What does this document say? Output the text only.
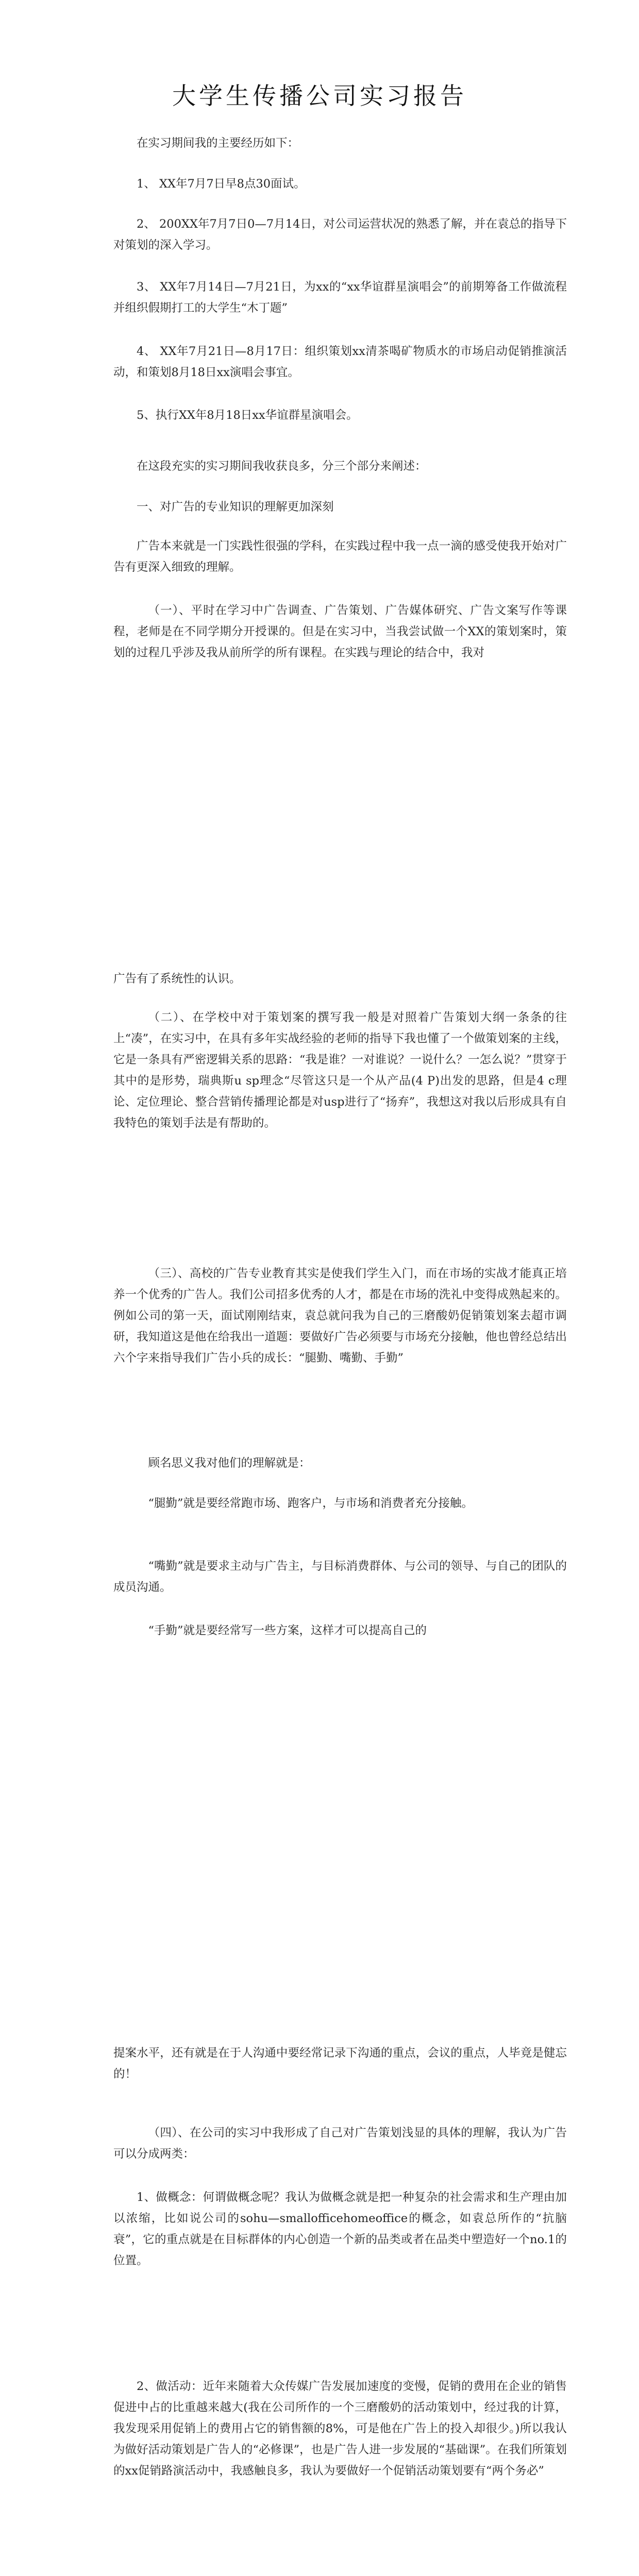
大学生传播公司实习报告

在实习期间我的主要经历如下：

1、 XX年7月7日早8点30面试。

2、 200XX年7月7日0—7月14日，对公司运营状况的熟悉了解，并在袁总的指导下对策划的深入学习。

3、 XX年7月14日—7月21日，为xx的“xx华谊群星演唱会”的前期筹备工作做流程并组织假期打工的大学生“木丁题”

4、 XX年7月21日—8月17日：组织策划xx清茶喝矿物质水的市场启动促销推演活动，和策划8月18日xx演唱会事宜。

5、执行XX年8月18日xx华谊群星演唱会。

在这段充实的实习期间我收获良多，分三个部分来阐述：

一、对广告的专业知识的理解更加深刻

广告本来就是一门实践性很强的学科，在实践过程中我一点一滴的感受使我开始对广告有更深入细致的理解。

（一）、平时在学习中广告调查、广告策划、广告媒体研究、广告文案写作等课程，老师是在不同学期分开授课的。但是在实习中，当我尝试做一个XX的策划案时，策划的过程几乎涉及我从前所学的所有课程。在实践与理论的结合中，我对

广告有了系统性的认识。

（二）、在学校中对于策划案的撰写我一般是对照着广告策划大纲一条条的往上“凑”，在实习中，在具有多年实战经验的老师的指导下我也懂了一个做策划案的主线，它是一条具有严密逻辑关系的思路：“我是谁？一对谁说？一说什么？一怎么说？”贯穿于其中的是形势，瑞典斯u sp理念“尽管这只是一个从产品(4 P)出发的思路，但是4 c理论、定位理论、整合营销传播理论都是对usp进行了“扬弃”，我想这对我以后形成具有自我特色的策划手法是有帮助的。

（三）、高校的广告专业教育其实是使我们学生入门，而在市场的实战才能真正培养一个优秀的广告人。我们公司招多优秀的人才，都是在市场的洗礼中变得成熟起来的。例如公司的第一天，面试刚刚结束，袁总就问我为自己的三磨酸奶促销策划案去超市调研，我知道这是他在给我出一道题：要做好广告必须要与市场充分接触，他也曾经总结出六个字来指导我们广告小兵的成长：“腿勤、嘴勤、手勤”

顾名思义我对他们的理解就是：

“腿勤”就是要经常跑市场、跑客户，与市场和消费者充分接触。

“嘴勤”就是要求主动与广告主，与目标消费群体、与公司的领导、与自己的团队的成员沟通。

“手勤”就是要经常写一些方案，这样才可以提高自己的

提案水平，还有就是在于人沟通中要经常记录下沟通的重点，会议的重点，人毕竟是健忘的！

（四）、在公司的实习中我形成了自己对广告策划浅显的具体的理解，我认为广告可以分成两类：

1、做概念：何谓做概念呢？我认为做概念就是把一种复杂的社会需求和生产理由加以浓缩，比如说公司的sohu—smallofficehomeoffice的概念，如袁总所作的“抗脑衰”，它的重点就是在目标群体的内心创造一个新的品类或者在品类中塑造好一个no.1的位置。

2、做活动：近年来随着大众传媒广告发展加速度的变慢，促销的费用在企业的销售促进中占的比重越来越大(我在公司所作的一个三磨酸奶的活动策划中，经过我的计算，我发现采用促销上的费用占它的销售额的8%，可是他在广告上的投入却很少。)所以我认为做好活动策划是广告人的“必修课”，也是广告人进一步发展的“基础课”。在我们所策划的xx促销路演活动中，我感触良多，我认为要做好一个促销活动策划要有“两个务必”
